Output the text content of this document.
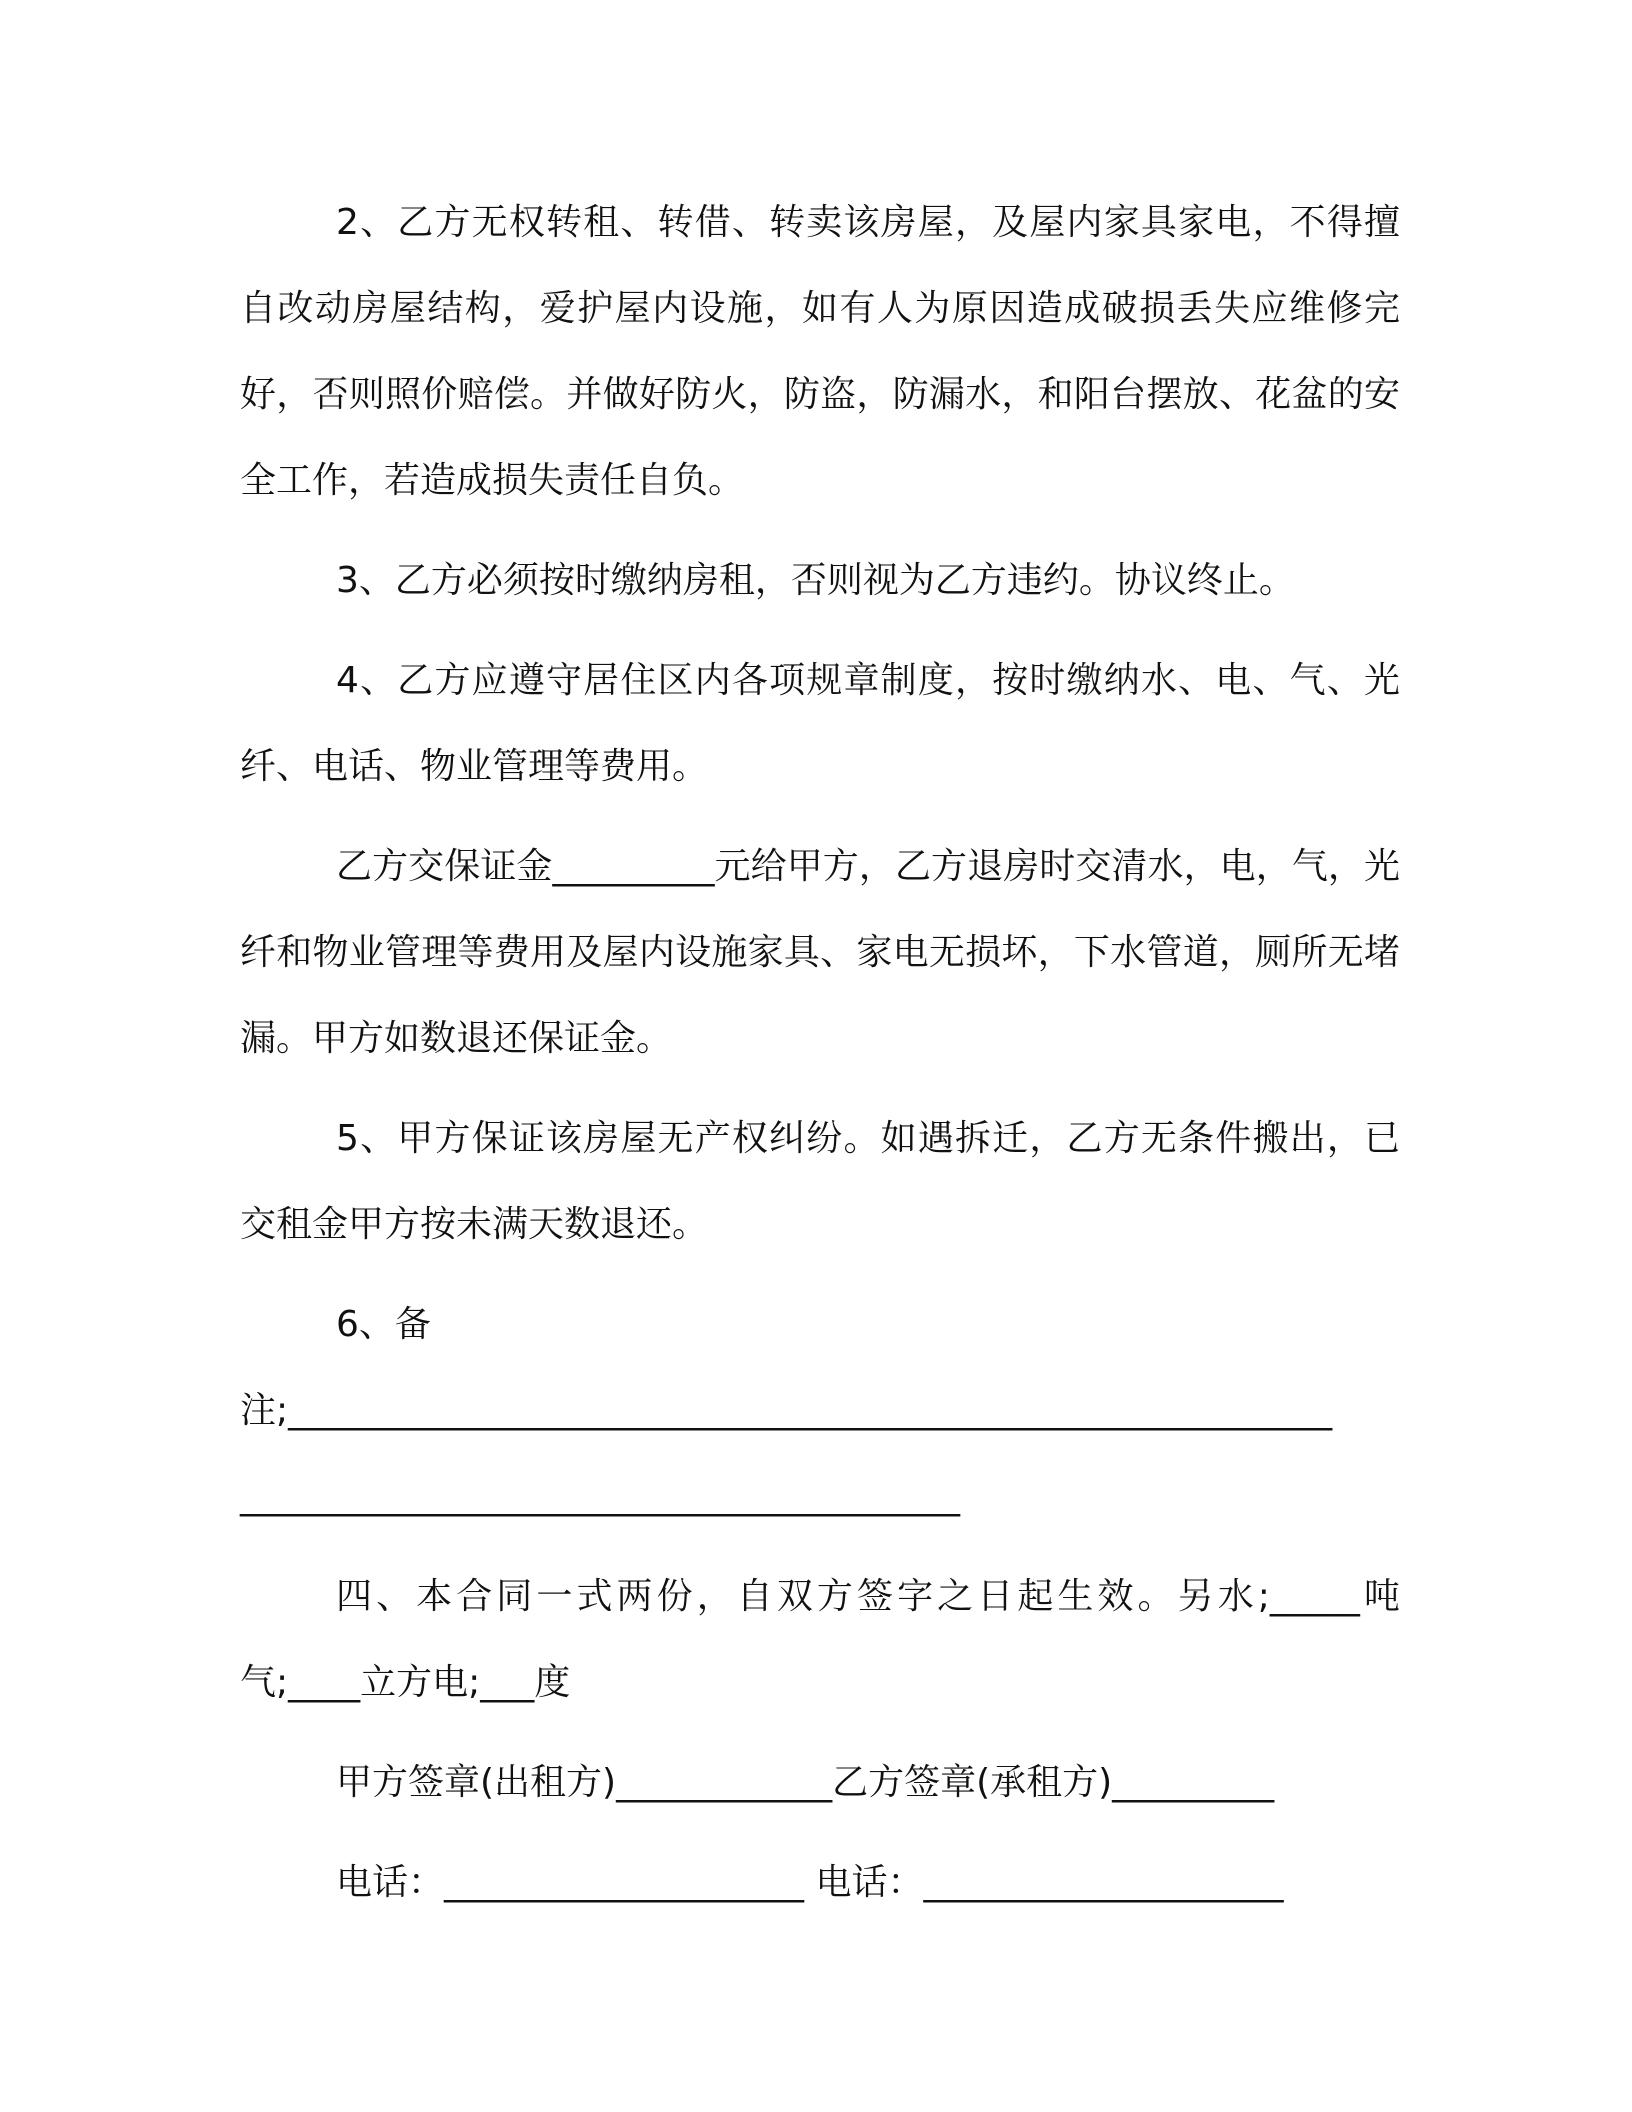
2、乙方无权转租、转借、转卖该房屋，及屋内家具家电，不得擅自改动房屋结构，爱护屋内设施，如有人为原因造成破损丢失应维修完好，否则照价赔偿。并做好防火，防盗，防漏水，和阳台摆放、花盆的安全工作，若造成损失责任自负。

3、乙方必须按时缴纳房租，否则视为乙方违约。协议终止。

4、乙方应遵守居住区内各项规章制度，按时缴纳水、电、气、光纤、电话、物业管理等费用。

乙方交保证金_________元给甲方，乙方退房时交清水，电，气，光纤和物业管理等费用及屋内设施家具、家电无损坏，下水管道，厕所无堵漏。甲方如数退还保证金。

5、甲方保证该房屋无产权纠纷。如遇拆迁，乙方无条件搬出，已交租金甲方按未满天数退还。

6、备

注;__________________________________________________________

________________________________________

四、本合同一式两份，自双方签字之日起生效。另水;_____吨气;____立方电;___度

甲方签章(出租方)____________乙方签章(承租方)_________

电话：____________________ 电话：____________________
